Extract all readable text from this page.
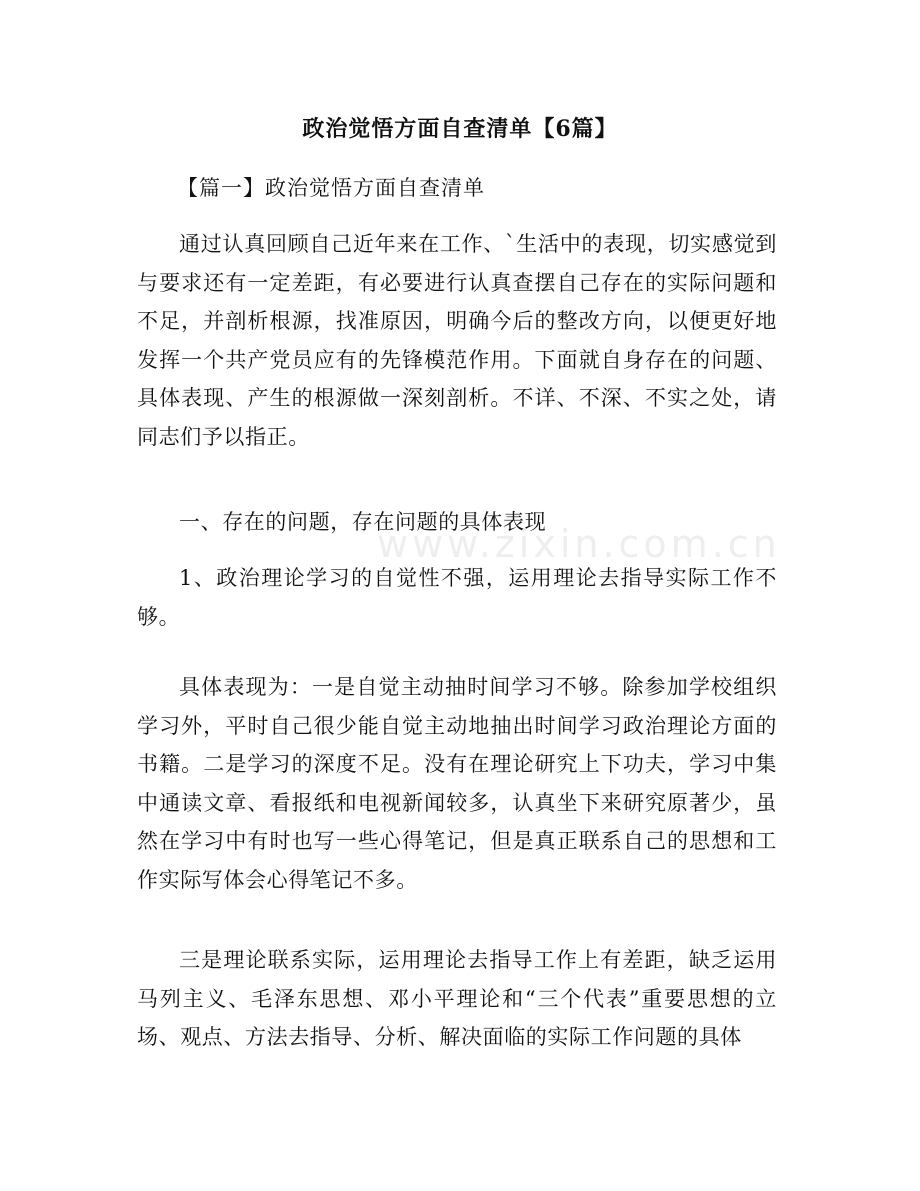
www.zixin.com.cn
政治觉悟方面自查清单【6篇】
【篇一】政治觉悟方面自查清单

通过认真回顾自己近年来在工作、`生活中的表现，切实感觉到与要求还有一定差距，有必要进行认真查摆自己存在的实际问题和不足，并剖析根源，找准原因，明确今后的整改方向，以便更好地发挥一个共产党员应有的先锋模范作用。下面就自身存在的问题、具体表现、产生的根源做一深刻剖析。不详、不深、不实之处，请同志们予以指正。

一、存在的问题，存在问题的具体表现

1、政治理论学习的自觉性不强，运用理论去指导实际工作不够。

具体表现为：一是自觉主动抽时间学习不够。除参加学校组织学习外，平时自己很少能自觉主动地抽出时间学习政治理论方面的书籍。二是学习的深度不足。没有在理论研究上下功夫，学习中集中通读文章、看报纸和电视新闻较多，认真坐下来研究原著少，虽然在学习中有时也写一些心得笔记，但是真正联系自己的思想和工作实际写体会心得笔记不多。

三是理论联系实际，运用理论去指导工作上有差距，缺乏运用马列主义、毛泽东思想、邓小平理论和“三个代表”重要思想的立场、观点、方法去指导、分析、解决面临的实际工作问题的具体
